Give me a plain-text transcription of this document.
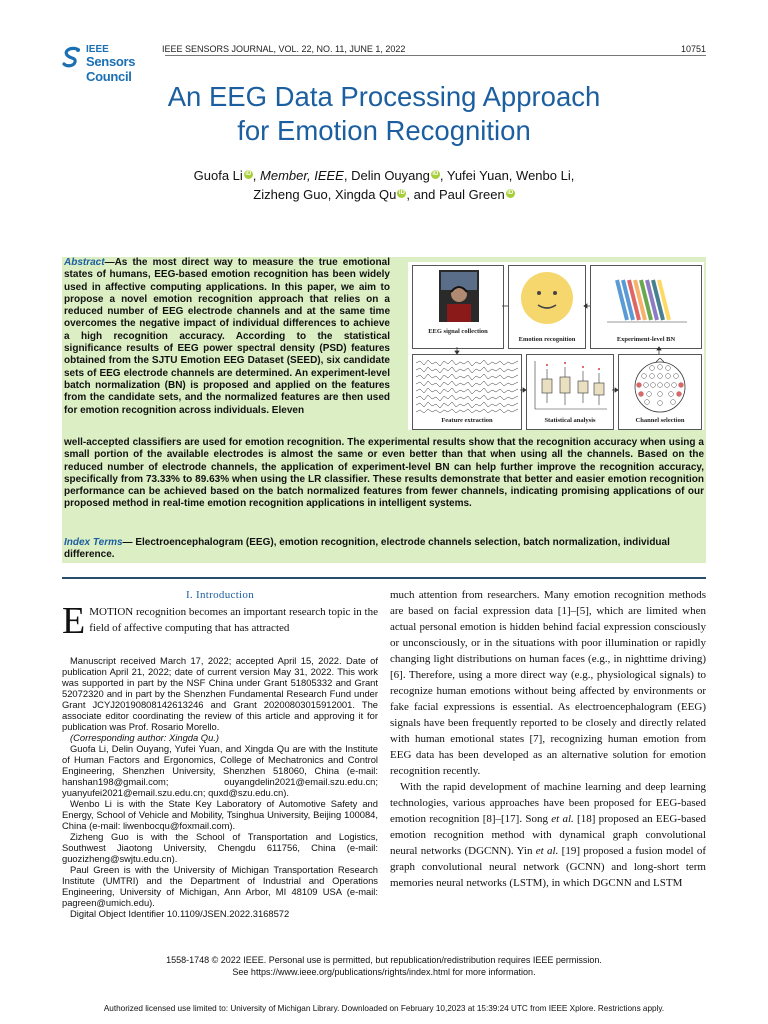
IEEE
Sensors Council
IEEE SENSORS JOURNAL, VOL. 22, NO. 11, JUNE 1, 2022	10751
An EEG Data Processing Approach
for Emotion Recognition
Guofa Li iD , Member, IEEE, Delin Ouyang iD , Yufei Yuan, Wenbo Li,
Zizheng Guo, Xingda Qu iD , and Paul Green iD
Abstract—As the most direct way to measure the true emotional states of humans, EEG-based emotion recognition has been widely used in affective computing applications. In this paper, we aim to propose a novel emotion recognition approach that relies on a reduced number of EEG electrode channels and at the same time overcomes the negative impact of individual differences to achieve a high recognition accuracy. According to the statistical significance results of EEG power spectral density (PSD) features obtained from the SJTU Emotion EEG Dataset (SEED), six candidate sets of EEG electrode channels are determined. An experiment-level batch normalization (BN) is proposed and applied on the features from the candidate sets, and the normalized features are then used for emotion recognition across individuals. Eleven
EEG signal collection
Emotion recognition	Experiment-level BN
Feature extraction	Statistical analysis	Channel selection
well-accepted classifiers are used for emotion recognition. The experimental results show that the recognition accuracy when using a small portion of the available electrodes is almost the same or even better than that when using all the channels. Based on the reduced number of electrode channels, the application of experiment-level BN can help further improve the recognition accuracy, specifically from 73.33% to 89.63% when using the LR classifier. These results demonstrate that better and easier emotion recognition performance can be achieved based on the batch normalized features from fewer channels, indicating promising applications of our proposed method in real-time emotion recognition applications in intelligent systems.
Index Terms— Electroencephalogram (EEG), emotion recognition, electrode channels selection, batch normalization, individual difference.
I. Introduction
EMOTION recognition becomes an important research topic in the field of affective computing that has attracted

Manuscript received March 17, 2022; accepted April 15, 2022. Date of publication April 21, 2022; date of current version May 31, 2022. This work was supported in part by the NSF China under Grant 51805332 and Grant 52072320 and in part by the Shenzhen Fundamental Research Fund under Grant JCYJ20190808142613246 and Grant 20200803015912001. The associate editor coordinating the review of this article and approving it for publication was Prof. Rosario Morello.

(Corresponding author: Xingda Qu.)

Guofa Li, Delin Ouyang, Yufei Yuan, and Xingda Qu are with the Institute of Human Factors and Ergonomics, College of Mechatronics and Control Engineering, Shenzhen University, Shenzhen 518060, China (e-mail: hanshan198@gmail.com; ouyangdelin2021@email.szu.edu.cn; yuanyufei2021@email.szu.edu.cn; quxd@szu.edu.cn).

Wenbo Li is with the State Key Laboratory of Automotive Safety and Energy, School of Vehicle and Mobility, Tsinghua University, Beijing 100084, China (e-mail: liwenbocqu@foxmail.com).

Zizheng Guo is with the School of Transportation and Logistics, Southwest Jiaotong University, Chengdu 611756, China (e-mail: guozizheng@swjtu.edu.cn).

Paul Green is with the University of Michigan Transportation Research Institute (UMTRI) and the Department of Industrial and Operations Engineering, University of Michigan, Ann Arbor, MI 48109 USA (e-mail: pagreen@umich.edu).

Digital Object Identifier 10.1109/JSEN.2022.3168572

much attention from researchers. Many emotion recognition methods are based on facial expression data [1]–[5], which are limited when actual personal emotion is hidden behind facial expression consciously or unconsciously, or in the situations with poor illumination or rapidly changing light distributions on human faces (e.g., in nighttime driving) [6]. Therefore, using a more direct way (e.g., physiological signals) to recognize human emotions without being affected by environments or fake facial expressions is essential. As electroencephalogram (EEG) signals have been frequently reported to be closely and directly related with human emotional states [7], recognizing human emotion from EEG data has been developed as an alternative solution for emotion recognition recently.

With the rapid development of machine learning and deep learning technologies, various approaches have been proposed for EEG-based emotion recognition [8]–[17]. Song et al. [18] proposed an EEG-based emotion recognition method with dynamical graph convolutional neural networks (DGCNN). Yin et al. [19] proposed a fusion model of graph convolutional neural network (GCNN) and long-short term memories neural networks (LSTM), in which DGCNN and LSTM

1558-1748 © 2022 IEEE. Personal use is permitted, but republication/redistribution requires IEEE permission.
See https://www.ieee.org/publications/rights/index.html for more information.
Authorized licensed use limited to: University of Michigan Library. Downloaded on February 10,2023 at 15:39:24 UTC from IEEE Xplore. Restrictions apply.
